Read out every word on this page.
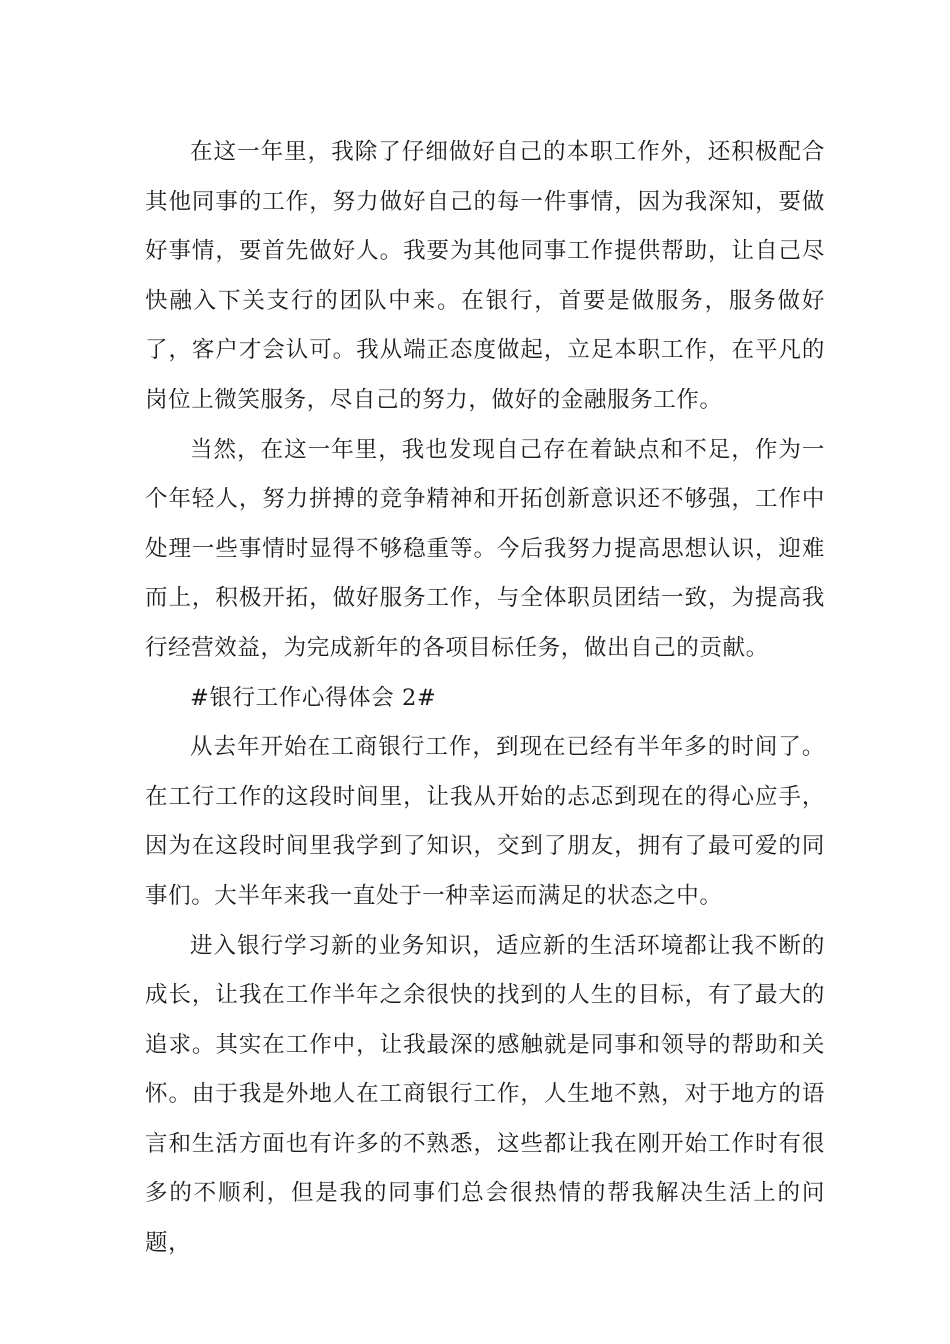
在这一年里，我除了仔细做好自己的本职工作外，还积极配合其他同事的工作，努力做好自己的每一件事情，因为我深知，要做好事情，要首先做好人。我要为其他同事工作提供帮助，让自己尽快融入下关支行的团队中来。在银行，首要是做服务，服务做好了，客户才会认可。我从端正态度做起，立足本职工作，在平凡的岗位上微笑服务，尽自己的努力，做好的金融服务工作。

当然，在这一年里，我也发现自己存在着缺点和不足，作为一个年轻人，努力拼搏的竞争精神和开拓创新意识还不够强，工作中处理一些事情时显得不够稳重等。今后我努力提高思想认识，迎难而上，积极开拓，做好服务工作，与全体职员团结一致，为提高我行经营效益，为完成新年的各项目标任务，做出自己的贡献。

#银行工作心得体会 2#

从去年开始在工商银行工作，到现在已经有半年多的时间了。在工行工作的这段时间里，让我从开始的忐忑到现在的得心应手，因为在这段时间里我学到了知识，交到了朋友，拥有了最可爱的同事们。大半年来我一直处于一种幸运而满足的状态之中。

进入银行学习新的业务知识，适应新的生活环境都让我不断的成长，让我在工作半年之余很快的找到的人生的目标，有了最大的追求。其实在工作中，让我最深的感触就是同事和领导的帮助和关怀。由于我是外地人在工商银行工作，人生地不熟，对于地方的语言和生活方面也有许多的不熟悉，这些都让我在刚开始工作时有很多的不顺利，但是我的同事们总会很热情的帮我解决生活上的问题，
